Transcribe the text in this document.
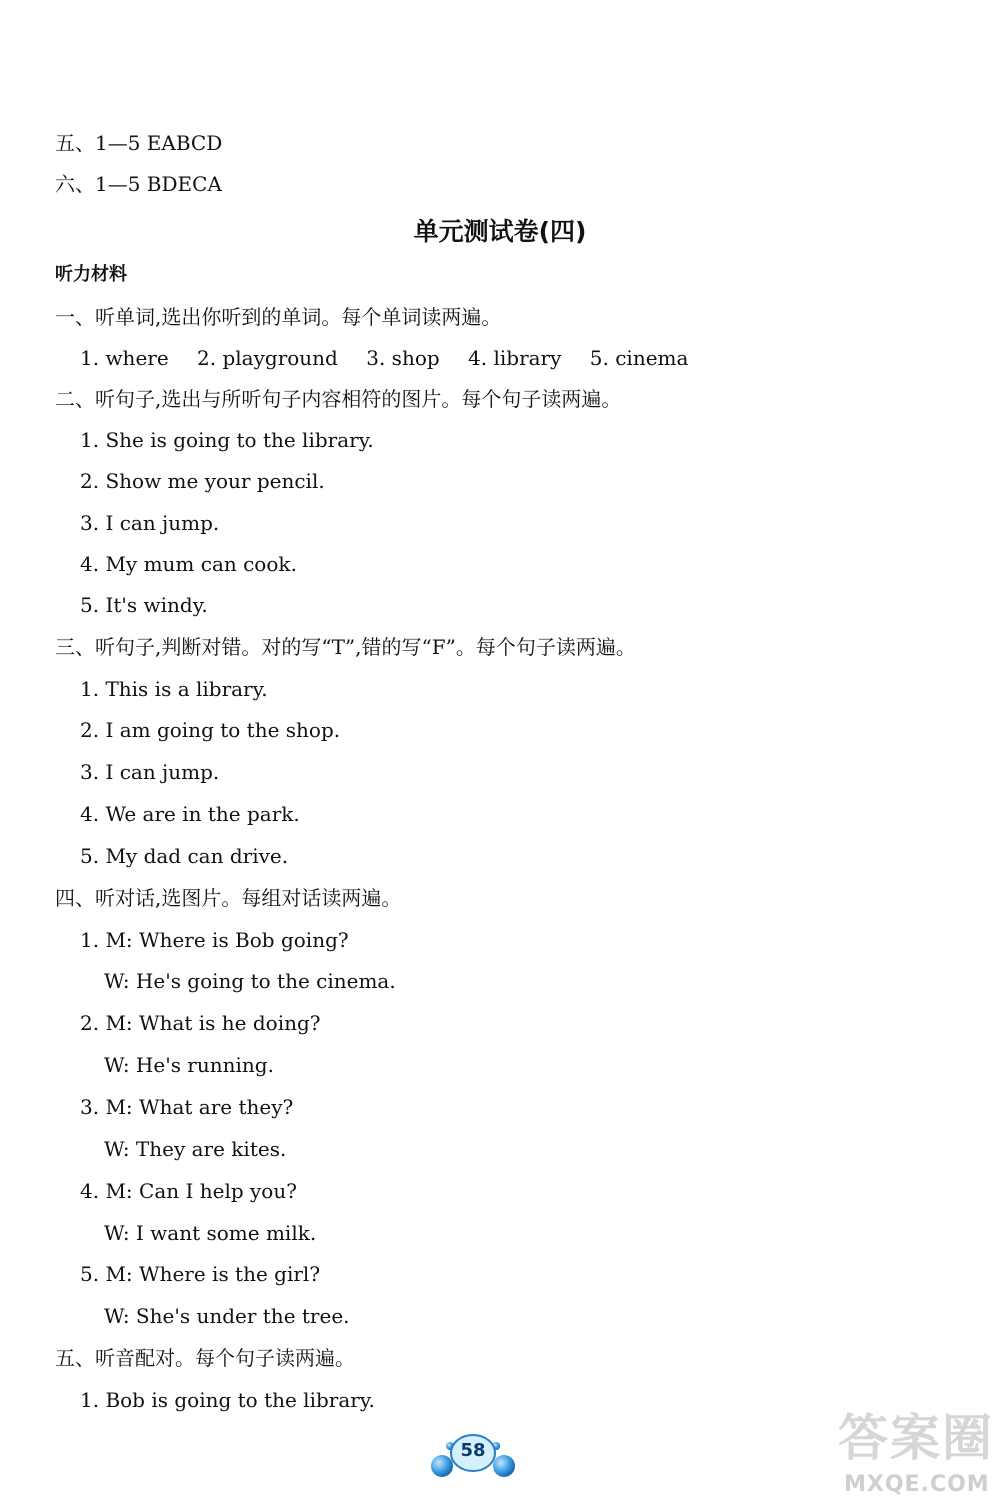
五、1—5 EABCD
六、1—5 BDECA
单元测试卷(四)
听力材料
一、听单词,选出你听到的单词。每个单词读两遍。
1. where 2. playground 3. shop 4. library 5. cinema
二、听句子,选出与所听句子内容相符的图片。每个句子读两遍。
1. She is going to the library.
2. Show me your pencil.
3. I can jump.
4. My mum can cook.
5. It's windy.
三、听句子,判断对错。对的写“T”,错的写“F”。每个句子读两遍。
1. This is a library.
2. I am going to the shop.
3. I can jump.
4. We are in the park.
5. My dad can drive.
四、听对话,选图片。每组对话读两遍。
1. M: Where is Bob going?
W: He's going to the cinema.
2. M: What is he doing?
W: He's running.
3. M: What are they?
W: They are kites.
4. M: Can I help you?
W: I want some milk.
5. M: Where is the girl?
W: She's under the tree.
五、听音配对。每个句子读两遍。
1. Bob is going to the library.
58	答案圈
MXQE.COM
